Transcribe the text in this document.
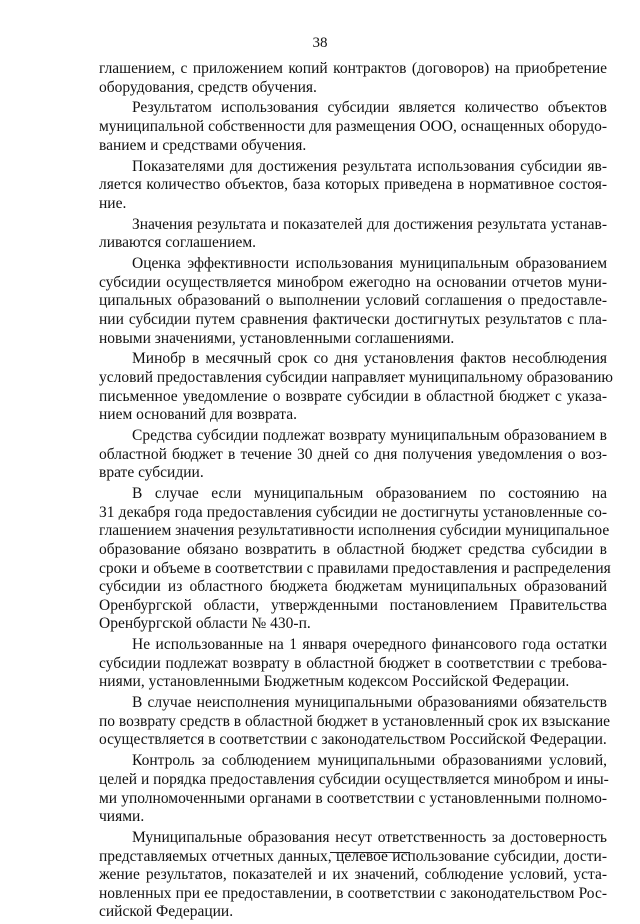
38
глашением, с приложением копий контрактов (договоров) на приобретение
оборудования, средств обучения.
Результатом использования субсидии является количество объектов
муниципальной собственности для размещения ООО, оснащенных оборудо-
ванием и средствами обучения.
Показателями для достижения результата использования субсидии яв-
ляется количество объектов, база которых приведена в нормативное состоя-
ние.
Значения результата и показателей для достижения результата устанав-
ливаются соглашением.
Оценка эффективности использования муниципальным образованием
субсидии осуществляется минобром ежегодно на основании отчетов муни-
ципальных образований о выполнении условий соглашения о предоставле-
нии субсидии путем сравнения фактически достигнутых результатов с пла-
новыми значениями, установленными соглашениями.
Минобр в месячный срок со дня установления фактов несоблюдения
условий предоставления субсидии направляет муниципальному образованию
письменное уведомление о возврате субсидии в областной бюджет с указа-
нием оснований для возврата.
Средства субсидии подлежат возврату муниципальным образованием в
областной бюджет в течение 30 дней со дня получения уведомления о воз-
врате субсидии.
В случае если муниципальным образованием по состоянию на
31 декабря года предоставления субсидии не достигнуты установленные со-
глашением значения результативности исполнения субсидии муниципальное
образование обязано возвратить в областной бюджет средства субсидии в
сроки и объеме в соответствии с правилами предоставления и распределения
субсидии из областного бюджета бюджетам муниципальных образований
Оренбургской области, утвержденными постановлением Правительства
Оренбургской области № 430-п.
Не использованные на 1 января очередного финансового года остатки
субсидии подлежат возврату в областной бюджет в соответствии с требова-
ниями, установленными Бюджетным кодексом Российской Федерации.
В случае неисполнения муниципальными образованиями обязательств
по возврату средств в областной бюджет в установленный срок их взыскание
осуществляется в соответствии с законодательством Российской Федерации.
Контроль за соблюдением муниципальными образованиями условий,
целей и порядка предоставления субсидии осуществляется минобром и ины-
ми уполномоченными органами в соответствии с установленными полномо-
чиями.
Муниципальные образования несут ответственность за достоверность
представляемых отчетных данных, целевое использование субсидии, дости-
жение результатов, показателей и их значений, соблюдение условий, уста-
новленных при ее предоставлении, в соответствии с законодательством Рос-
сийской Федерации.
